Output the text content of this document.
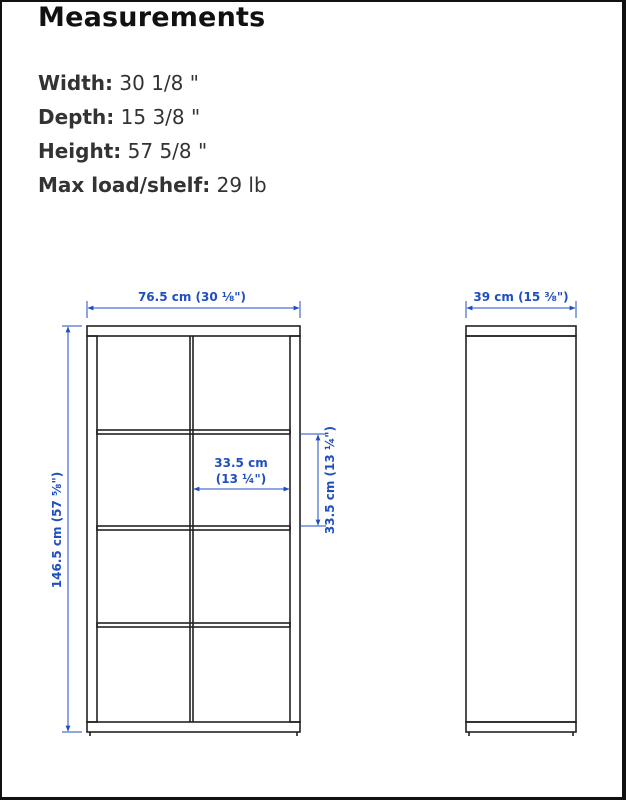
Measurements
Width: 30 1/8 "
Depth: 15 3/8 "
Height: 57 5/8 "
Max load/shelf: 29 lb
76.5 cm (30 ⅛")	39 cm (15 ⅜")
146.5 cm (57 ⅝")
33.5 cm
(13 ¼")	33.5 cm (13 ¼")
